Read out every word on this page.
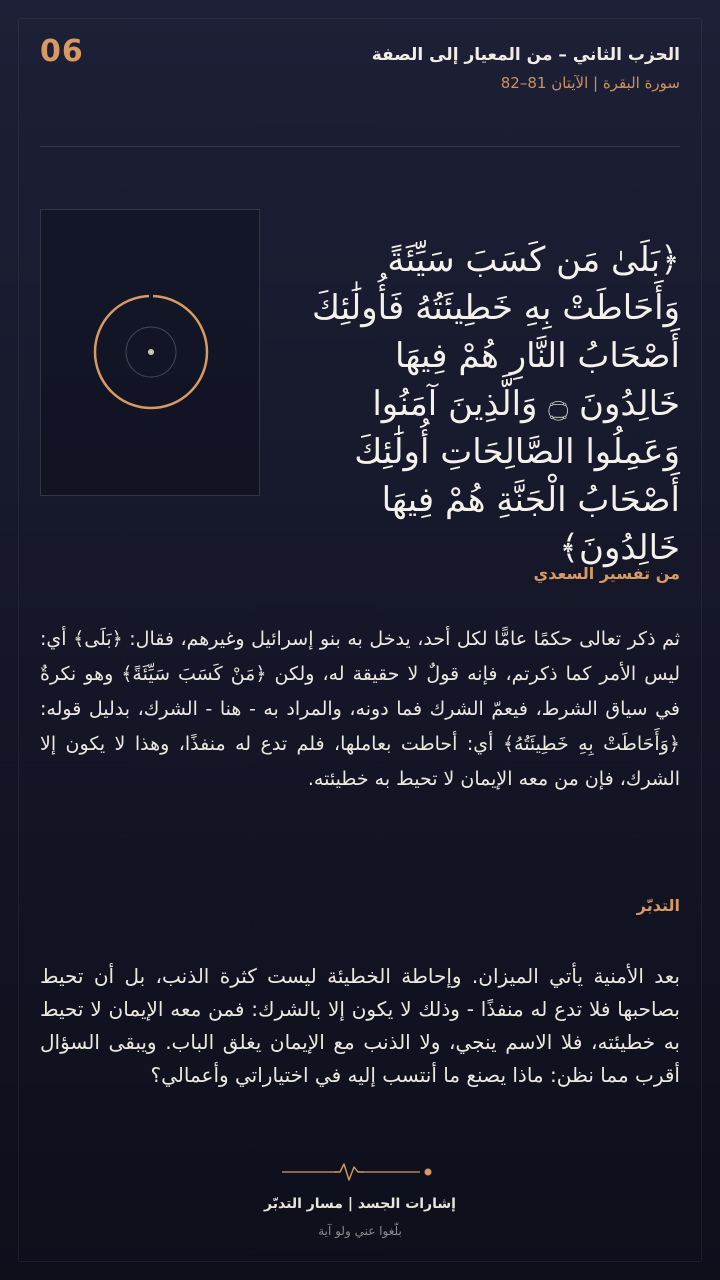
06	الحزب الثاني – من المعيار إلى الصفة
سورة البقرة | الآيتان 81–82
﴿بَلَىٰ مَن كَسَبَ سَيِّئَةً وَأَحَاطَتْ بِهِ خَطِيئَتُهُ فَأُولَٰئِكَ أَصْحَابُ النَّارِ هُمْ فِيهَا خَالِدُونَ ۝ وَالَّذِينَ آمَنُوا وَعَمِلُوا الصَّالِحَاتِ أُولَٰئِكَ أَصْحَابُ الْجَنَّةِ هُمْ فِيهَا خَالِدُونَ﴾
من تفسير السعدي
ثم ذكر تعالى حكمًا عامًّا لكل أحد، يدخل به بنو إسرائيل وغيرهم، فقال: ﴿بَلَى﴾ أي: ليس الأمر كما ذكرتم، فإنه قولٌ لا حقيقة له، ولكن ﴿مَنْ كَسَبَ سَيِّئَةً﴾ وهو نكرةٌ في سياق الشرط، فيعمّ الشرك فما دونه، والمراد به - هنا - الشرك، بدليل قوله: ﴿وَأَحَاطَتْ بِهِ خَطِيئَتُهُ﴾ أي: أحاطت بعاملها، فلم تدع له منفذًا، وهذا لا يكون إلا الشرك، فإن من معه الإيمان لا تحيط به خطيئته.
التدبّر
بعد الأمنية يأتي الميزان. وإحاطة الخطيئة ليست كثرة الذنب، بل أن تحيط بصاحبها فلا تدع له منفذًا - وذلك لا يكون إلا بالشرك: فمن معه الإيمان لا تحيط به خطيئته، فلا الاسم ينجي، ولا الذنب مع الإيمان يغلق الباب. ويبقى السؤال أقرب مما نظن: ماذا يصنع ما أنتسب إليه في اختياراتي وأعمالي؟
إشارات الجسد | مسار التدبّر
بلّغوا عني ولو آية
